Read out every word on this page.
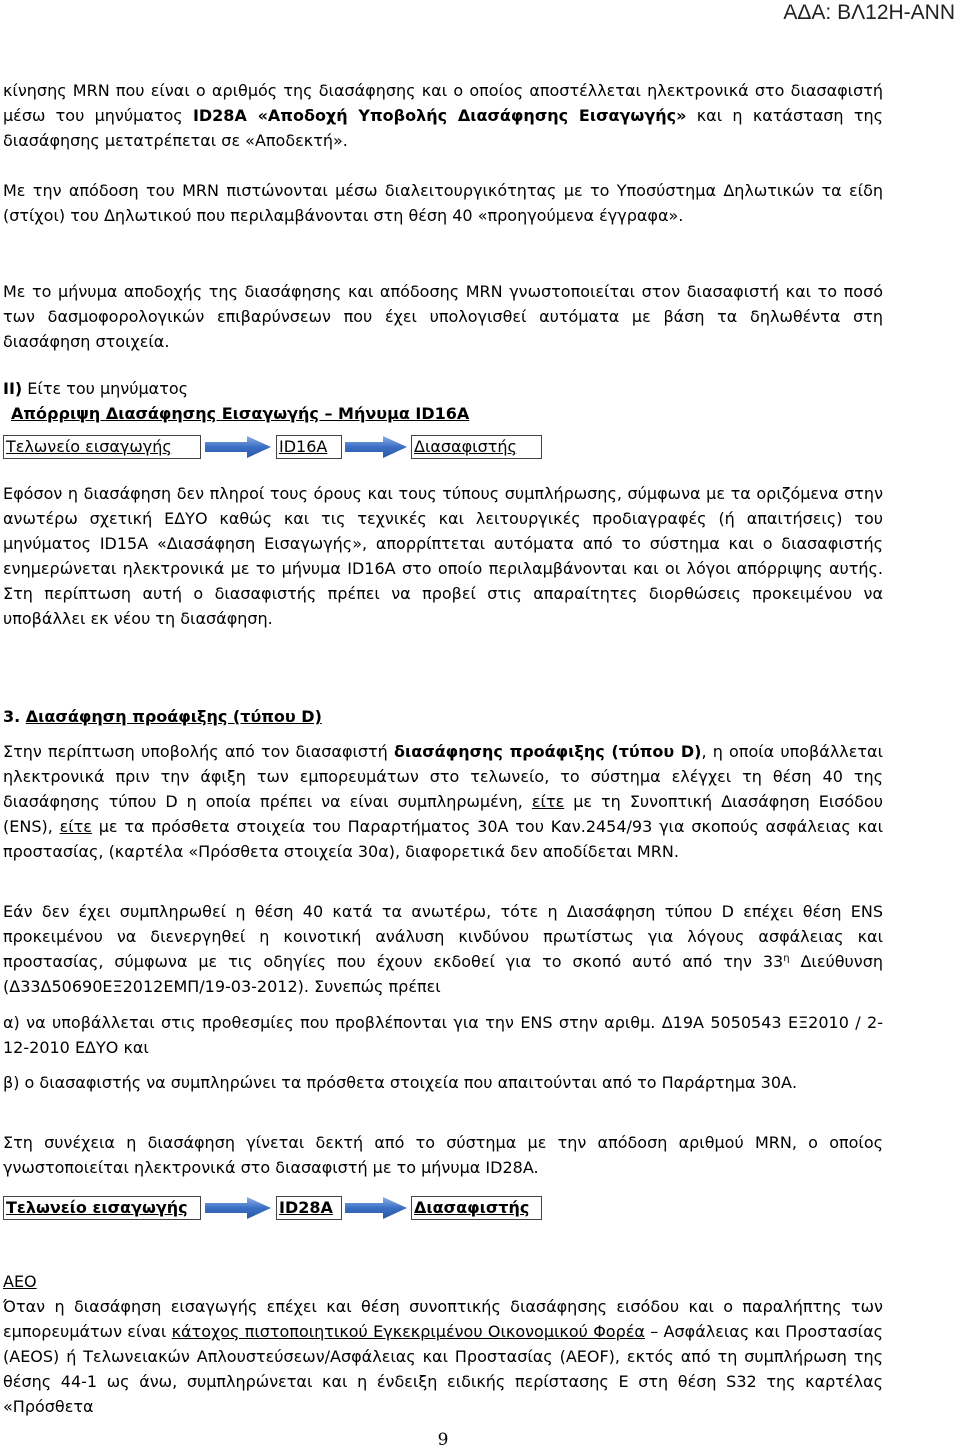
ΑΔΑ: ΒΛ12Η-ΑΝΝ
κίνησης MRN που είναι ο αριθμός της διασάφησης και ο οποίος αποστέλλεται ηλεκτρονικά στο διασαφιστή μέσω του μηνύματος ID28A «Αποδοχή Υποβολής Διασάφησης Εισαγωγής» και η κατάσταση της διασάφησης μετατρέπεται σε «Αποδεκτή».
Με την απόδοση του MRN πιστώνονται μέσω διαλειτουργικότητας με το Υποσύστημα Δηλωτικών τα είδη (στίχοι) του Δηλωτικού που περιλαμβάνονται στη θέση 40 «προηγούμενα έγγραφα».
Με το μήνυμα αποδοχής της διασάφησης και απόδοσης MRN γνωστοποιείται στον διασαφιστή και το ποσό των δασμοφορολογικών επιβαρύνσεων που έχει υπολογισθεί αυτόματα με βάση τα δηλωθέντα στη διασάφηση στοιχεία.
II) Είτε του μηνύματος
Απόρριψη Διασάφησης Εισαγωγής – Μήνυμα ID16A
Τελωνείο εισαγωγής	ID16A	Διασαφιστής
Εφόσον η διασάφηση δεν πληροί τους όρους και τους τύπους συμπλήρωσης, σύμφωνα με τα οριζόμενα στην ανωτέρω σχετική ΕΔΥΟ καθώς και τις τεχνικές και λειτουργικές προδιαγραφές (ή απαιτήσεις) του μηνύματος ID15A «Διασάφηση Εισαγωγής», απορρίπτεται αυτόματα από το σύστημα και ο διασαφιστής ενημερώνεται ηλεκτρονικά με το μήνυμα ID16A στο οποίο περιλαμβάνονται και οι λόγοι απόρριψης αυτής. Στη περίπτωση αυτή ο διασαφιστής πρέπει να προβεί στις απαραίτητες διορθώσεις προκειμένου να υποβάλλει εκ νέου τη διασάφηση.
3. Διασάφηση προάφιξης (τύπου D)
Στην περίπτωση υποβολής από τον διασαφιστή διασάφησης προάφιξης (τύπου D), η οποία υποβάλλεται ηλεκτρονικά πριν την άφιξη των εμπορευμάτων στο τελωνείο, το σύστημα ελέγχει τη θέση 40 της διασάφησης τύπου D η οποία πρέπει να είναι συμπληρωμένη, είτε με τη Συνοπτική Διασάφηση Εισόδου (ENS), είτε με τα πρόσθετα στοιχεία του Παραρτήματος 30Α του Καν.2454/93 για σκοπούς ασφάλειας και προστασίας, (καρτέλα «Πρόσθετα στοιχεία 30α), διαφορετικά δεν αποδίδεται MRN.
Εάν δεν έχει συμπληρωθεί η θέση 40 κατά τα ανωτέρω, τότε η Διασάφηση τύπου D επέχει θέση ENS προκειμένου να διενεργηθεί η κοινοτική ανάλυση κινδύνου πρωτίστως για λόγους ασφάλειας και προστασίας, σύμφωνα με τις οδηγίες που έχουν εκδοθεί για το σκοπό αυτό από την $33^\eta$ Διεύθυνση (Δ33Δ50690ΕΞ2012ΕΜΠ/19-03-2012). Συνεπώς πρέπει
α) να υποβάλλεται στις προθεσμίες που προβλέπονται για την ENS στην αριθμ. Δ19Α 5050543 ΕΞ2010 / 2-12-2010 ΕΔΥΟ και
β) ο διασαφιστής να συμπληρώνει τα πρόσθετα στοιχεία που απαιτούνται από το Παράρτημα 30Α.
Στη συνέχεια η διασάφηση γίνεται δεκτή από το σύστημα με την απόδοση αριθμού MRN, ο οποίος γνωστοποιείται ηλεκτρονικά στο διασαφιστή με το μήνυμα ID28A.
Τελωνείο εισαγωγής	ID28A	Διασαφιστής
AEO
Όταν η διασάφηση εισαγωγής επέχει και θέση συνοπτικής διασάφησης εισόδου και ο παραλήπτης των εμπορευμάτων είναι κάτοχος πιστοποιητικού Εγκεκριμένου Οικονομικού Φορέα – Ασφάλειας και Προστασίας (AEOS) ή Τελωνειακών Απλουστεύσεων/Ασφάλειας και Προστασίας (AEOF), εκτός από τη συμπλήρωση της θέσης 44-1 ως άνω, συμπληρώνεται και η ένδειξη ειδικής περίστασης Ε στη θέση S32 της καρτέλας «Πρόσθετα
9
